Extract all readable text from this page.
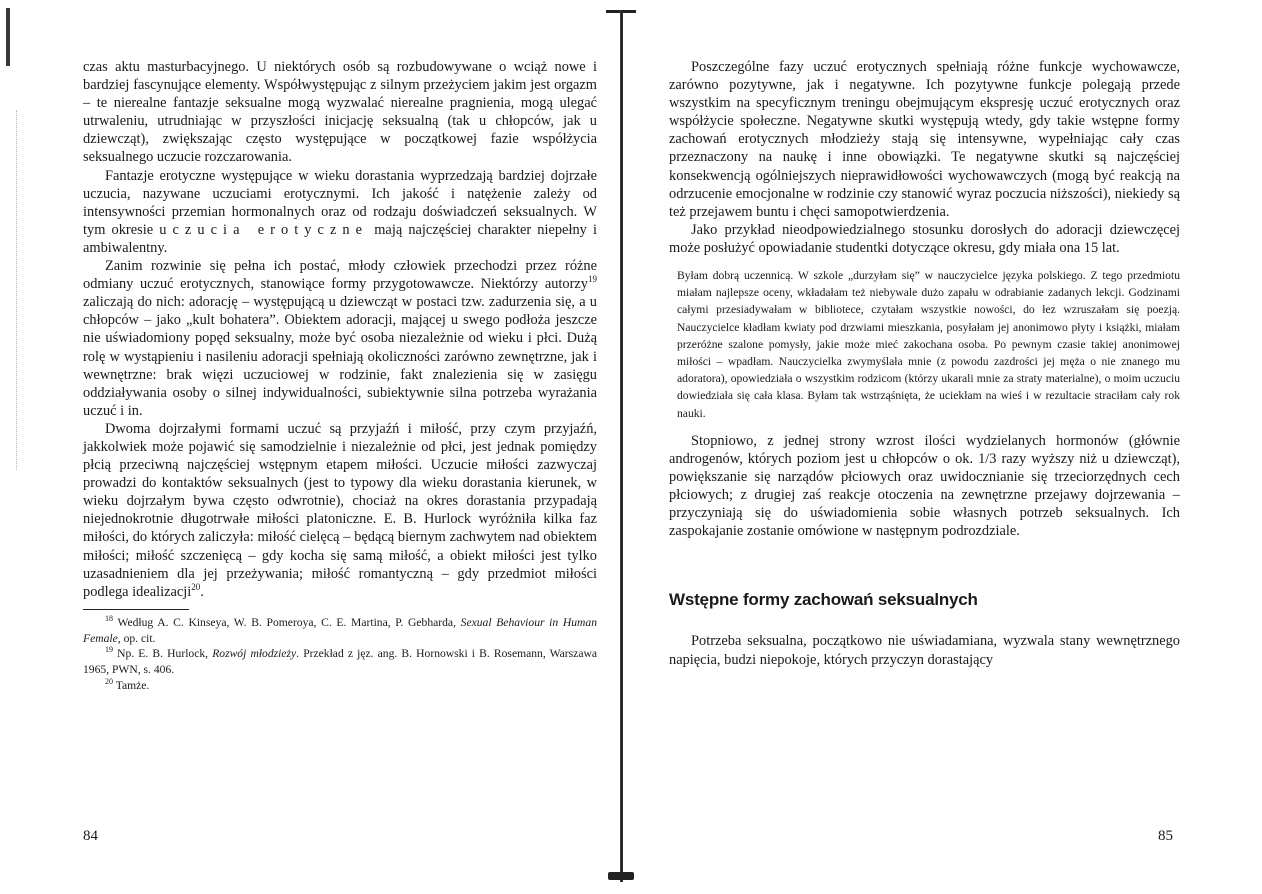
czas aktu masturbacyjnego. U niektórych osób są rozbudowywane o wciąż nowe i bardziej fascynujące elementy. Współwystępując z silnym przeżyciem jakim jest orgazm – te nierealne fantazje seksualne mogą wyzwalać nierealne pragnienia, mogą ulegać utrwaleniu, utrudniając w przyszłości inicjację seksualną (tak u chłopców, jak u dziewcząt), zwiększając często występujące w początkowej fazie współżycia seksualnego uczucie rozczarowania.

Fantazje erotyczne występujące w wieku dorastania wyprzedzają bardziej dojrzałe uczucia, nazywane uczuciami erotycznymi. Ich jakość i natężenie zależy od intensywności przemian hormonalnych oraz od rodzaju doświadczeń seksualnych. W tym okresie uczucia erotyczne mają najczęściej charakter niepełny i ambiwalentny.

Zanim rozwinie się pełna ich postać, młody człowiek przechodzi przez różne odmiany uczuć erotycznych, stanowiące formy przygotowawcze. Niektórzy autorzy$^{19}$ zaliczają do nich: adorację – występującą u dziewcząt w postaci tzw. zadurzenia się, a u chłopców – jako „kult bohatera”. Obiektem adoracji, mającej u swego podłoża jeszcze nie uświadomiony popęd seksualny, może być osoba niezależnie od wieku i płci. Dużą rolę w wystąpieniu i nasileniu adoracji spełniają okoliczności zarówno zewnętrzne, jak i wewnętrzne: brak więzi uczuciowej w rodzinie, fakt znalezienia się w zasięgu oddziaływania osoby o silnej indywidualności, subiektywnie silna potrzeba wyrażania uczuć i in.

Dwoma dojrzałymi formami uczuć są przyjaźń i miłość, przy czym przyjaźń, jakkolwiek może pojawić się samodzielnie i niezależnie od płci, jest jednak pomiędzy płcią przeciwną najczęściej wstępnym etapem miłości. Uczucie miłości zazwyczaj prowadzi do kontaktów seksualnych (jest to typowy dla wieku dorastania kierunek, w wieku dojrzałym bywa często odwrotnie), chociaż na okres dorastania przypadają niejednokrotnie długotrwałe miłości platoniczne. E. B. Hurlock wyróżniła kilka faz miłości, do których zaliczyła: miłość cielęcą – będącą biernym zachwytem nad obiektem miłości; miłość szczenięcą – gdy kocha się samą miłość, a obiekt miłości jest tylko uzasadnieniem dla jej przeżywania; miłość romantyczną – gdy przedmiot miłości podlega idealizacji$^{20}$.

$^{18}$ Według A. C. Kinseya, W. B. Pomeroya, C. E. Martina, P. Gebharda, Sexual Behaviour in Human Female, op. cit.

$^{19}$ Np. E. B. Hurlock, Rozwój młodzieży. Przekład z jęz. ang. B. Hornowski i B. Rosemann, Warszawa 1965, PWN, s. 406.

$^{20}$ Tamże.

84

Poszczególne fazy uczuć erotycznych spełniają różne funkcje wychowawcze, zarówno pozytywne, jak i negatywne. Ich pozytywne funkcje polegają przede wszystkim na specyficznym treningu obejmującym ekspresję uczuć erotycznych oraz współżycie społeczne. Negatywne skutki występują wtedy, gdy takie wstępne formy zachowań erotycznych młodzieży stają się intensywne, wypełniając cały czas przeznaczony na naukę i inne obowiązki. Te negatywne skutki są najczęściej konsekwencją ogólniejszych nieprawidłowości wychowawczych (mogą być reakcją na odrzucenie emocjonalne w rodzinie czy stanowić wyraz poczucia niższości), niekiedy są też przejawem buntu i chęci samopotwierdzenia.

Jako przykład nieodpowiedzialnego stosunku dorosłych do adoracji dziewczęcej może posłużyć opowiadanie studentki dotyczące okresu, gdy miała ona 15 lat.

Byłam dobrą uczennicą. W szkole „durzyłam się” w nauczycielce języka polskiego. Z tego przedmiotu miałam najlepsze oceny, wkładałam też niebywale dużo zapału w odrabianie zadanych lekcji. Godzinami całymi przesiadywałam w bibliotece, czytałam wszystkie nowości, do łez wzruszałam się poezją. Nauczycielce kładłam kwiaty pod drzwiami mieszkania, posyłałam jej anonimowo płyty i książki, miałam przeróżne szalone pomysły, jakie może mieć zakochana osoba. Po pewnym czasie takiej anonimowej miłości – wpadłam. Nauczycielka zwymyślała mnie (z powodu zazdrości jej męża o nie znanego mu adoratora), opowiedziała o wszystkim rodzicom (którzy ukarali mnie za straty materialne), o moim uczuciu dowiedziała się cała klasa. Byłam tak wstrząśnięta, że uciekłam na wieś i w rezultacie straciłam cały rok nauki.

Stopniowo, z jednej strony wzrost ilości wydzielanych hormonów (głównie androgenów, których poziom jest u chłopców o ok. 1/3 razy wyższy niż u dziewcząt), powiększanie się narządów płciowych oraz uwidocznianie się trzeciorzędnych cech płciowych; z drugiej zaś reakcje otoczenia na zewnętrzne przejawy dojrzewania – przyczyniają się do uświadomienia sobie własnych potrzeb seksualnych. Ich zaspokajanie zostanie omówione w następnym podrozdziale.

Wstępne formy zachowań seksualnych

Potrzeba seksualna, początkowo nie uświadamiana, wyzwala stany wewnętrznego napięcia, budzi niepokoje, których przyczyn dorastający

85
